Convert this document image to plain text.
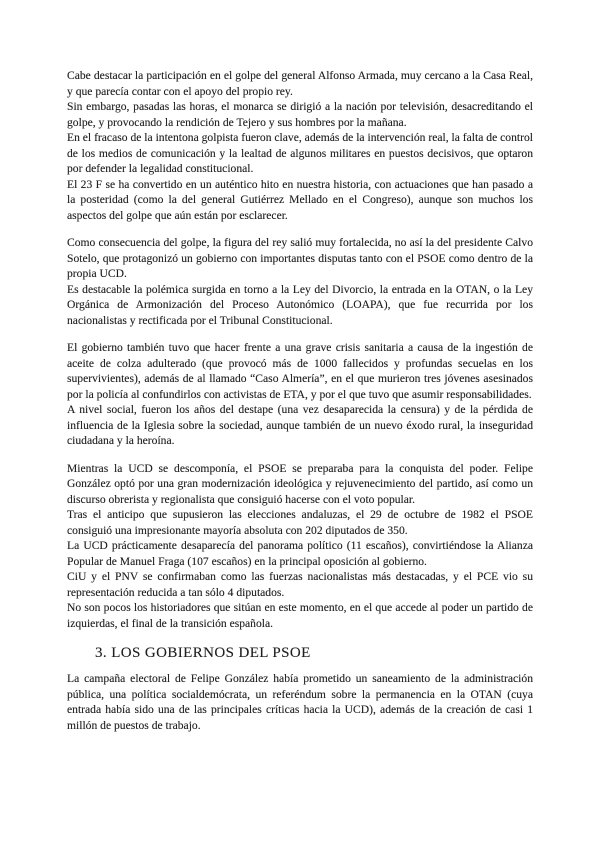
Cabe destacar la participación en el golpe del general Alfonso Armada, muy cercano a la Casa Real, y que parecía contar con el apoyo del propio rey.

Sin embargo, pasadas las horas, el monarca se dirigió a la nación por televisión, desacreditando el golpe, y provocando la rendición de Tejero y sus hombres por la mañana.

En el fracaso de la intentona golpista fueron clave, además de la intervención real, la falta de control de los medios de comunicación y la lealtad de algunos militares en puestos decisivos, que optaron por defender la legalidad constitucional.

El 23 F se ha convertido en un auténtico hito en nuestra historia, con actuaciones que han pasado a la posteridad (como la del general Gutiérrez Mellado en el Congreso), aunque son muchos los aspectos del golpe que aún están por esclarecer.

Como consecuencia del golpe, la figura del rey salió muy fortalecida, no así la del presidente Calvo Sotelo, que protagonizó un gobierno con importantes disputas tanto con el PSOE como dentro de la propia UCD.

Es destacable la polémica surgida en torno a la Ley del Divorcio, la entrada en la OTAN, o la Ley Orgánica de Armonización del Proceso Autonómico (LOAPA), que fue recurrida por los nacionalistas y rectificada por el Tribunal Constitucional.

El gobierno también tuvo que hacer frente a una grave crisis sanitaria a causa de la ingestión de aceite de colza adulterado (que provocó más de 1000 fallecidos y profundas secuelas en los supervivientes), además de al llamado “Caso Almería”, en el que murieron tres jóvenes asesinados por la policía al confundirlos con activistas de ETA, y por el que tuvo que asumir responsabilidades.

A nivel social, fueron los años del destape (una vez desaparecida la censura) y de la pérdida de influencia de la Iglesia sobre la sociedad, aunque también de un nuevo éxodo rural, la inseguridad ciudadana y la heroína.

Mientras la UCD se descomponía, el PSOE se preparaba para la conquista del poder. Felipe González optó por una gran modernización ideológica y rejuvenecimiento del partido, así como un discurso obrerista y regionalista que consiguió hacerse con el voto popular.

Tras el anticipo que supusieron las elecciones andaluzas, el 29 de octubre de 1982 el PSOE consiguió una impresionante mayoría absoluta con 202 diputados de 350.

La UCD prácticamente desaparecía del panorama político (11 escaños), convirtiéndose la Alianza Popular de Manuel Fraga (107 escaños) en la principal oposición al gobierno.

CiU y el PNV se confirmaban como las fuerzas nacionalistas más destacadas, y el PCE vio su representación reducida a tan sólo 4 diputados.

No son pocos los historiadores que sitúan en este momento, en el que accede al poder un partido de izquierdas, el final de la transición española.

3. LOS GOBIERNOS DEL PSOE

La campaña electoral de Felipe González había prometido un saneamiento de la administración pública, una política socialdemócrata, un referéndum sobre la permanencia en la OTAN (cuya entrada había sido una de las principales críticas hacia la UCD), además de la creación de casi 1 millón de puestos de trabajo.
